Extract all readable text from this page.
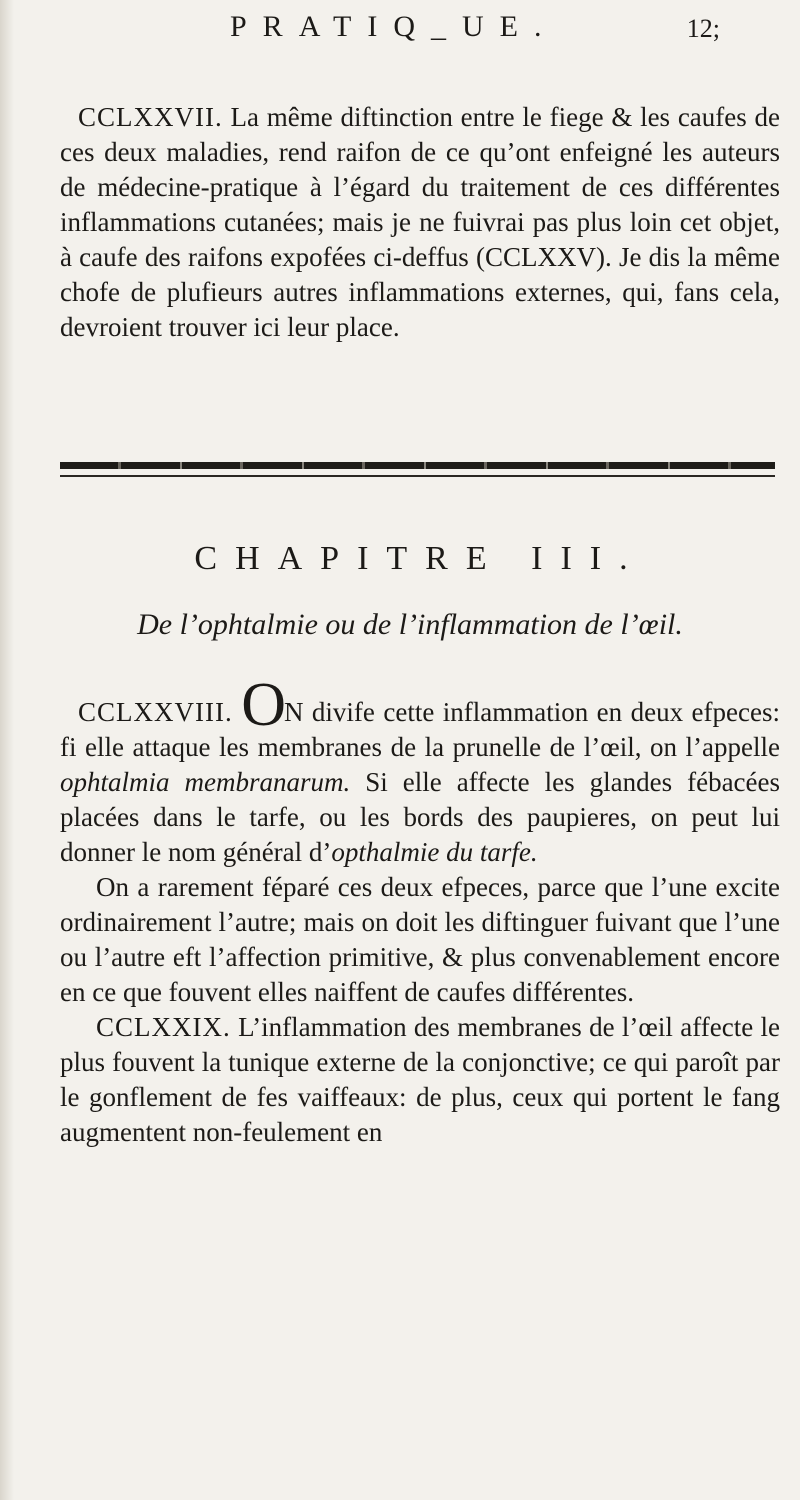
PRATIQ_UE.	12;

CCLXXVII. La même diftinction entre le fiege & les caufes de ces deux maladies, rend raifon de ce qu’ont enfeigné les auteurs de médecine-pratique à l’égard du traitement de ces différentes inflammations cutanées; mais je ne fuivrai pas plus loin cet objet, à caufe des raifons expofées ci-deffus (CCLXXV). Je dis la même chofe de plufieurs autres inflammations externes, qui, fans cela, devroient trouver ici leur place.

CHAPITRE III.
De l’ophtalmie ou de l’inflammation de l’œil.
CCLXXVIII. ON divife cette inflammation en deux efpeces: fi elle attaque les membranes de la prunelle de l’œil, on l’appelle ophtalmia membranarum. Si elle affecte les glandes fébacées placées dans le tarfe, ou les bords des paupieres, on peut lui donner le nom général d’opthalmie du tarfe.
On a rarement féparé ces deux efpeces, parce que l’une excite ordinairement l’autre; mais on doit les diftinguer fuivant que l’une ou l’autre eft l’affection primitive, & plus convenablement encore en ce que fouvent elles naiffent de caufes différentes.
CCLXXIX. L’inflammation des membranes de l’œil affecte le plus fouvent la tunique externe de la conjonctive; ce qui paroît par le gonflement de fes vaiffeaux: de plus, ceux qui portent le fang augmentent non-feulement en
